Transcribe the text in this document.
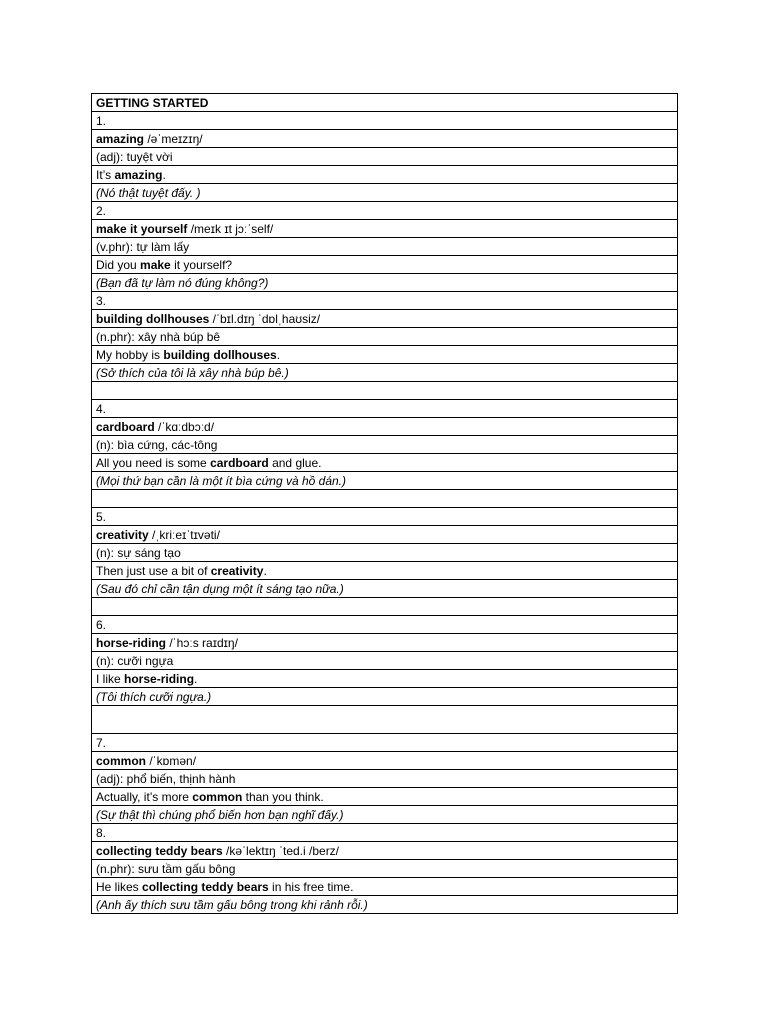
GETTING STARTED
1.
amazing /əˈmeɪzɪŋ/
(adj): tuyệt vời
It’s amazing.
(Nó thật tuyệt đấy. )
2.
make it yourself /meɪk ɪt jɔːˈself/
(v.phr): tự làm lấy
Did you make it yourself?
(Bạn đã tự làm nó đúng không?)
3.
building dollhouses /ˈbɪl.dɪŋ ˈdɒlˌhaʊsiz/
(n.phr): xây nhà búp bê
My hobby is building dollhouses.
(Sở thích của tôi là xây nhà búp bê.)

4.
cardboard /ˈkɑːdbɔːd/
(n): bìa cứng, các-tông
All you need is some cardboard and glue.
(Mọi thứ bạn cần là một ít bìa cứng và hồ dán.)

5.
creativity /ˌkriːeɪˈtɪvəti/
(n): sự sáng tạo
Then just use a bit of creativity.
(Sau đó chỉ cần tận dụng một ít sáng tạo nữa.)

6.
horse-riding /ˈhɔːs raɪdɪŋ/
(n): cưỡi ngựa
I like horse-riding.
(Tôi thích cưỡi ngựa.)

7.
common /ˈkɒmən/
(adj): phổ biến, thịnh hành
Actually, it’s more common than you think.
(Sự thật thì chúng phổ biến hơn bạn nghĩ đấy.)
8.
collecting teddy bears /kəˈlektɪŋ ˈted.i /berz/
(n.phr): sưu tầm gấu bông
He likes collecting teddy bears in his free time.
(Anh ấy thích sưu tầm gấu bông trong khi rảnh rỗi.)
